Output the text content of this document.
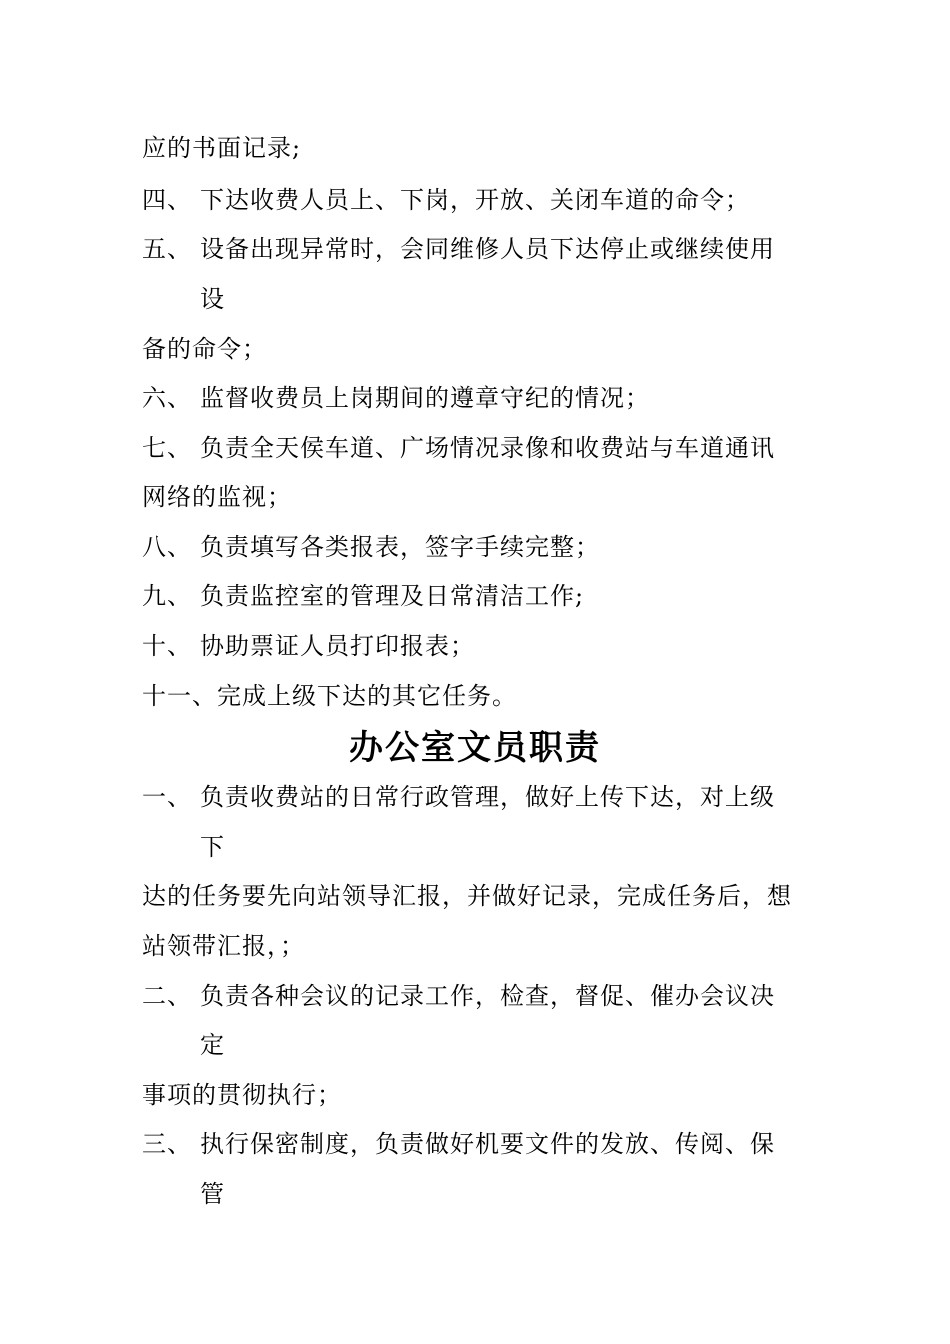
应的书面记录;
四、 下达收费人员上、下岗，开放、关闭车道的命令；
五、 设备出现异常时，会同维修人员下达停止或继续使用
设
备的命令；
六、 监督收费员上岗期间的遵章守纪的情况；
七、 负责全天侯车道、广场情况录像和收费站与车道通讯
网络的监视；
八、 负责填写各类报表，签字手续完整；
九、 负责监控室的管理及日常清洁工作;
十、 协助票证人员打印报表；
十一、完成上级下达的其它任务。
办公室文员职责
一、 负责收费站的日常行政管理，做好上传下达，对上级
下
达的任务要先向站领导汇报，并做好记录，完成任务后，想
站领带汇报，；
二、 负责各种会议的记录工作，检查，督促、催办会议决
定
事项的贯彻执行；
三、 执行保密制度，负责做好机要文件的发放、传阅、保
管
